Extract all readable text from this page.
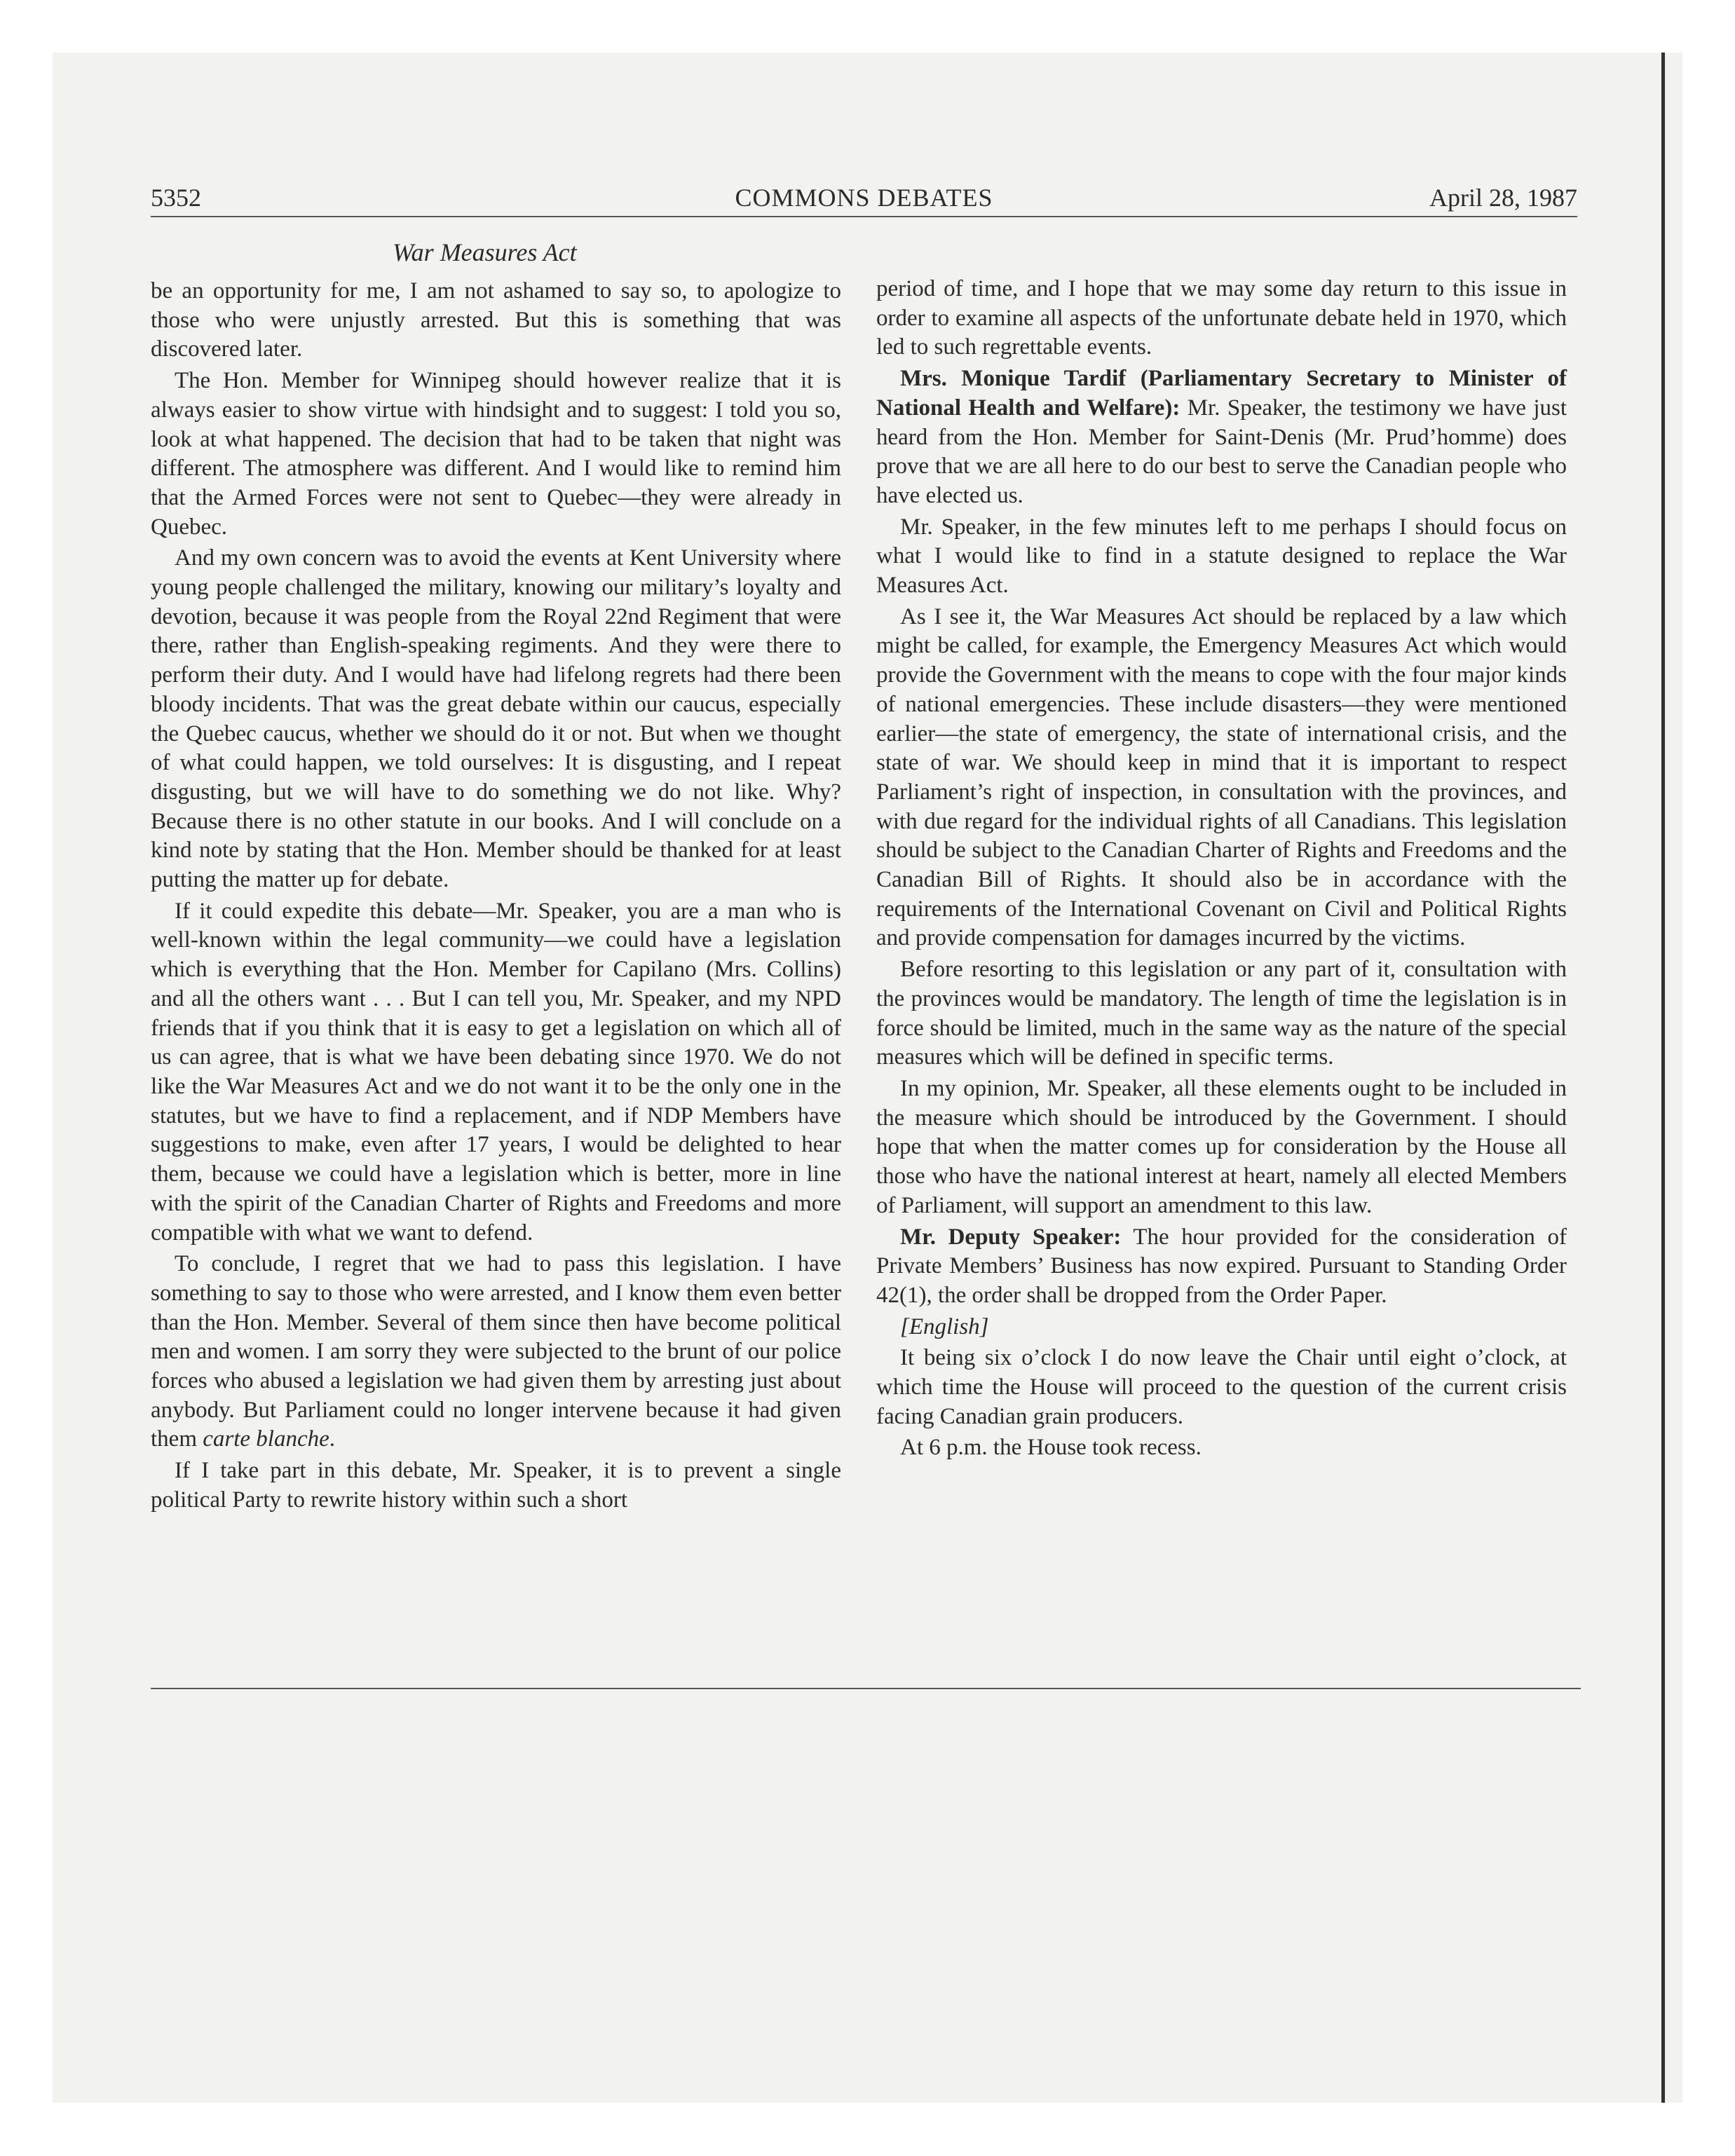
5352	COMMONS DEBATES	April 28, 1987
War Measures Act

be an opportunity for me, I am not ashamed to say so, to apologize to those who were unjustly arrested. But this is something that was discovered later.

The Hon. Member for Winnipeg should however realize that it is always easier to show virtue with hindsight and to suggest: I told you so, look at what happened. The decision that had to be taken that night was different. The atmosphere was different. And I would like to remind him that the Armed Forces were not sent to Quebec—they were already in Quebec.

And my own concern was to avoid the events at Kent University where young people challenged the military, knowing our military’s loyalty and devotion, because it was people from the Royal 22nd Regiment that were there, rather than English-speaking regiments. And they were there to perform their duty. And I would have had lifelong regrets had there been bloody incidents. That was the great debate within our caucus, especially the Quebec caucus, whether we should do it or not. But when we thought of what could happen, we told ourselves: It is disgusting, and I repeat disgusting, but we will have to do something we do not like. Why? Because there is no other statute in our books. And I will conclude on a kind note by stating that the Hon. Member should be thanked for at least putting the matter up for debate.

If it could expedite this debate—Mr. Speaker, you are a man who is well-known within the legal community—we could have a legislation which is everything that the Hon. Member for Capilano (Mrs. Collins) and all the others want . . . But I can tell you, Mr. Speaker, and my NPD friends that if you think that it is easy to get a legislation on which all of us can agree, that is what we have been debating since 1970. We do not like the War Measures Act and we do not want it to be the only one in the statutes, but we have to find a replacement, and if NDP Members have suggestions to make, even after 17 years, I would be delighted to hear them, because we could have a legislation which is better, more in line with the spirit of the Canadian Charter of Rights and Freedoms and more compatible with what we want to defend.

To conclude, I regret that we had to pass this legislation. I have something to say to those who were arrested, and I know them even better than the Hon. Member. Several of them since then have become political men and women. I am sorry they were subjected to the brunt of our police forces who abused a legislation we had given them by arresting just about anybody. But Parliament could no longer intervene because it had given them carte blanche.

If I take part in this debate, Mr. Speaker, it is to prevent a single political Party to rewrite history within such a short

period of time, and I hope that we may some day return to this issue in order to examine all aspects of the unfortunate debate held in 1970, which led to such regrettable events.

Mrs. Monique Tardif (Parliamentary Secretary to Minister of National Health and Welfare): Mr. Speaker, the testimony we have just heard from the Hon. Member for Saint-Denis (Mr. Prud’homme) does prove that we are all here to do our best to serve the Canadian people who have elected us.

Mr. Speaker, in the few minutes left to me perhaps I should focus on what I would like to find in a statute designed to replace the War Measures Act.

As I see it, the War Measures Act should be replaced by a law which might be called, for example, the Emergency Measures Act which would provide the Government with the means to cope with the four major kinds of national emergencies. These include disasters—they were mentioned earlier—the state of emergency, the state of international crisis, and the state of war. We should keep in mind that it is important to respect Parliament’s right of inspection, in consultation with the provinces, and with due regard for the individual rights of all Canadians. This legislation should be subject to the Canadian Charter of Rights and Freedoms and the Canadian Bill of Rights. It should also be in accordance with the requirements of the International Covenant on Civil and Political Rights and provide compensation for damages incurred by the victims.

Before resorting to this legislation or any part of it, consultation with the provinces would be mandatory. The length of time the legislation is in force should be limited, much in the same way as the nature of the special measures which will be defined in specific terms.

In my opinion, Mr. Speaker, all these elements ought to be included in the measure which should be introduced by the Government. I should hope that when the matter comes up for consideration by the House all those who have the national interest at heart, namely all elected Members of Parliament, will support an amendment to this law.

Mr. Deputy Speaker: The hour provided for the consideration of Private Members’ Business has now expired. Pursuant to Standing Order 42(1), the order shall be dropped from the Order Paper.

[English]

It being six o’clock I do now leave the Chair until eight o’clock, at which time the House will proceed to the question of the current crisis facing Canadian grain producers.

At 6 p.m. the House took recess.
